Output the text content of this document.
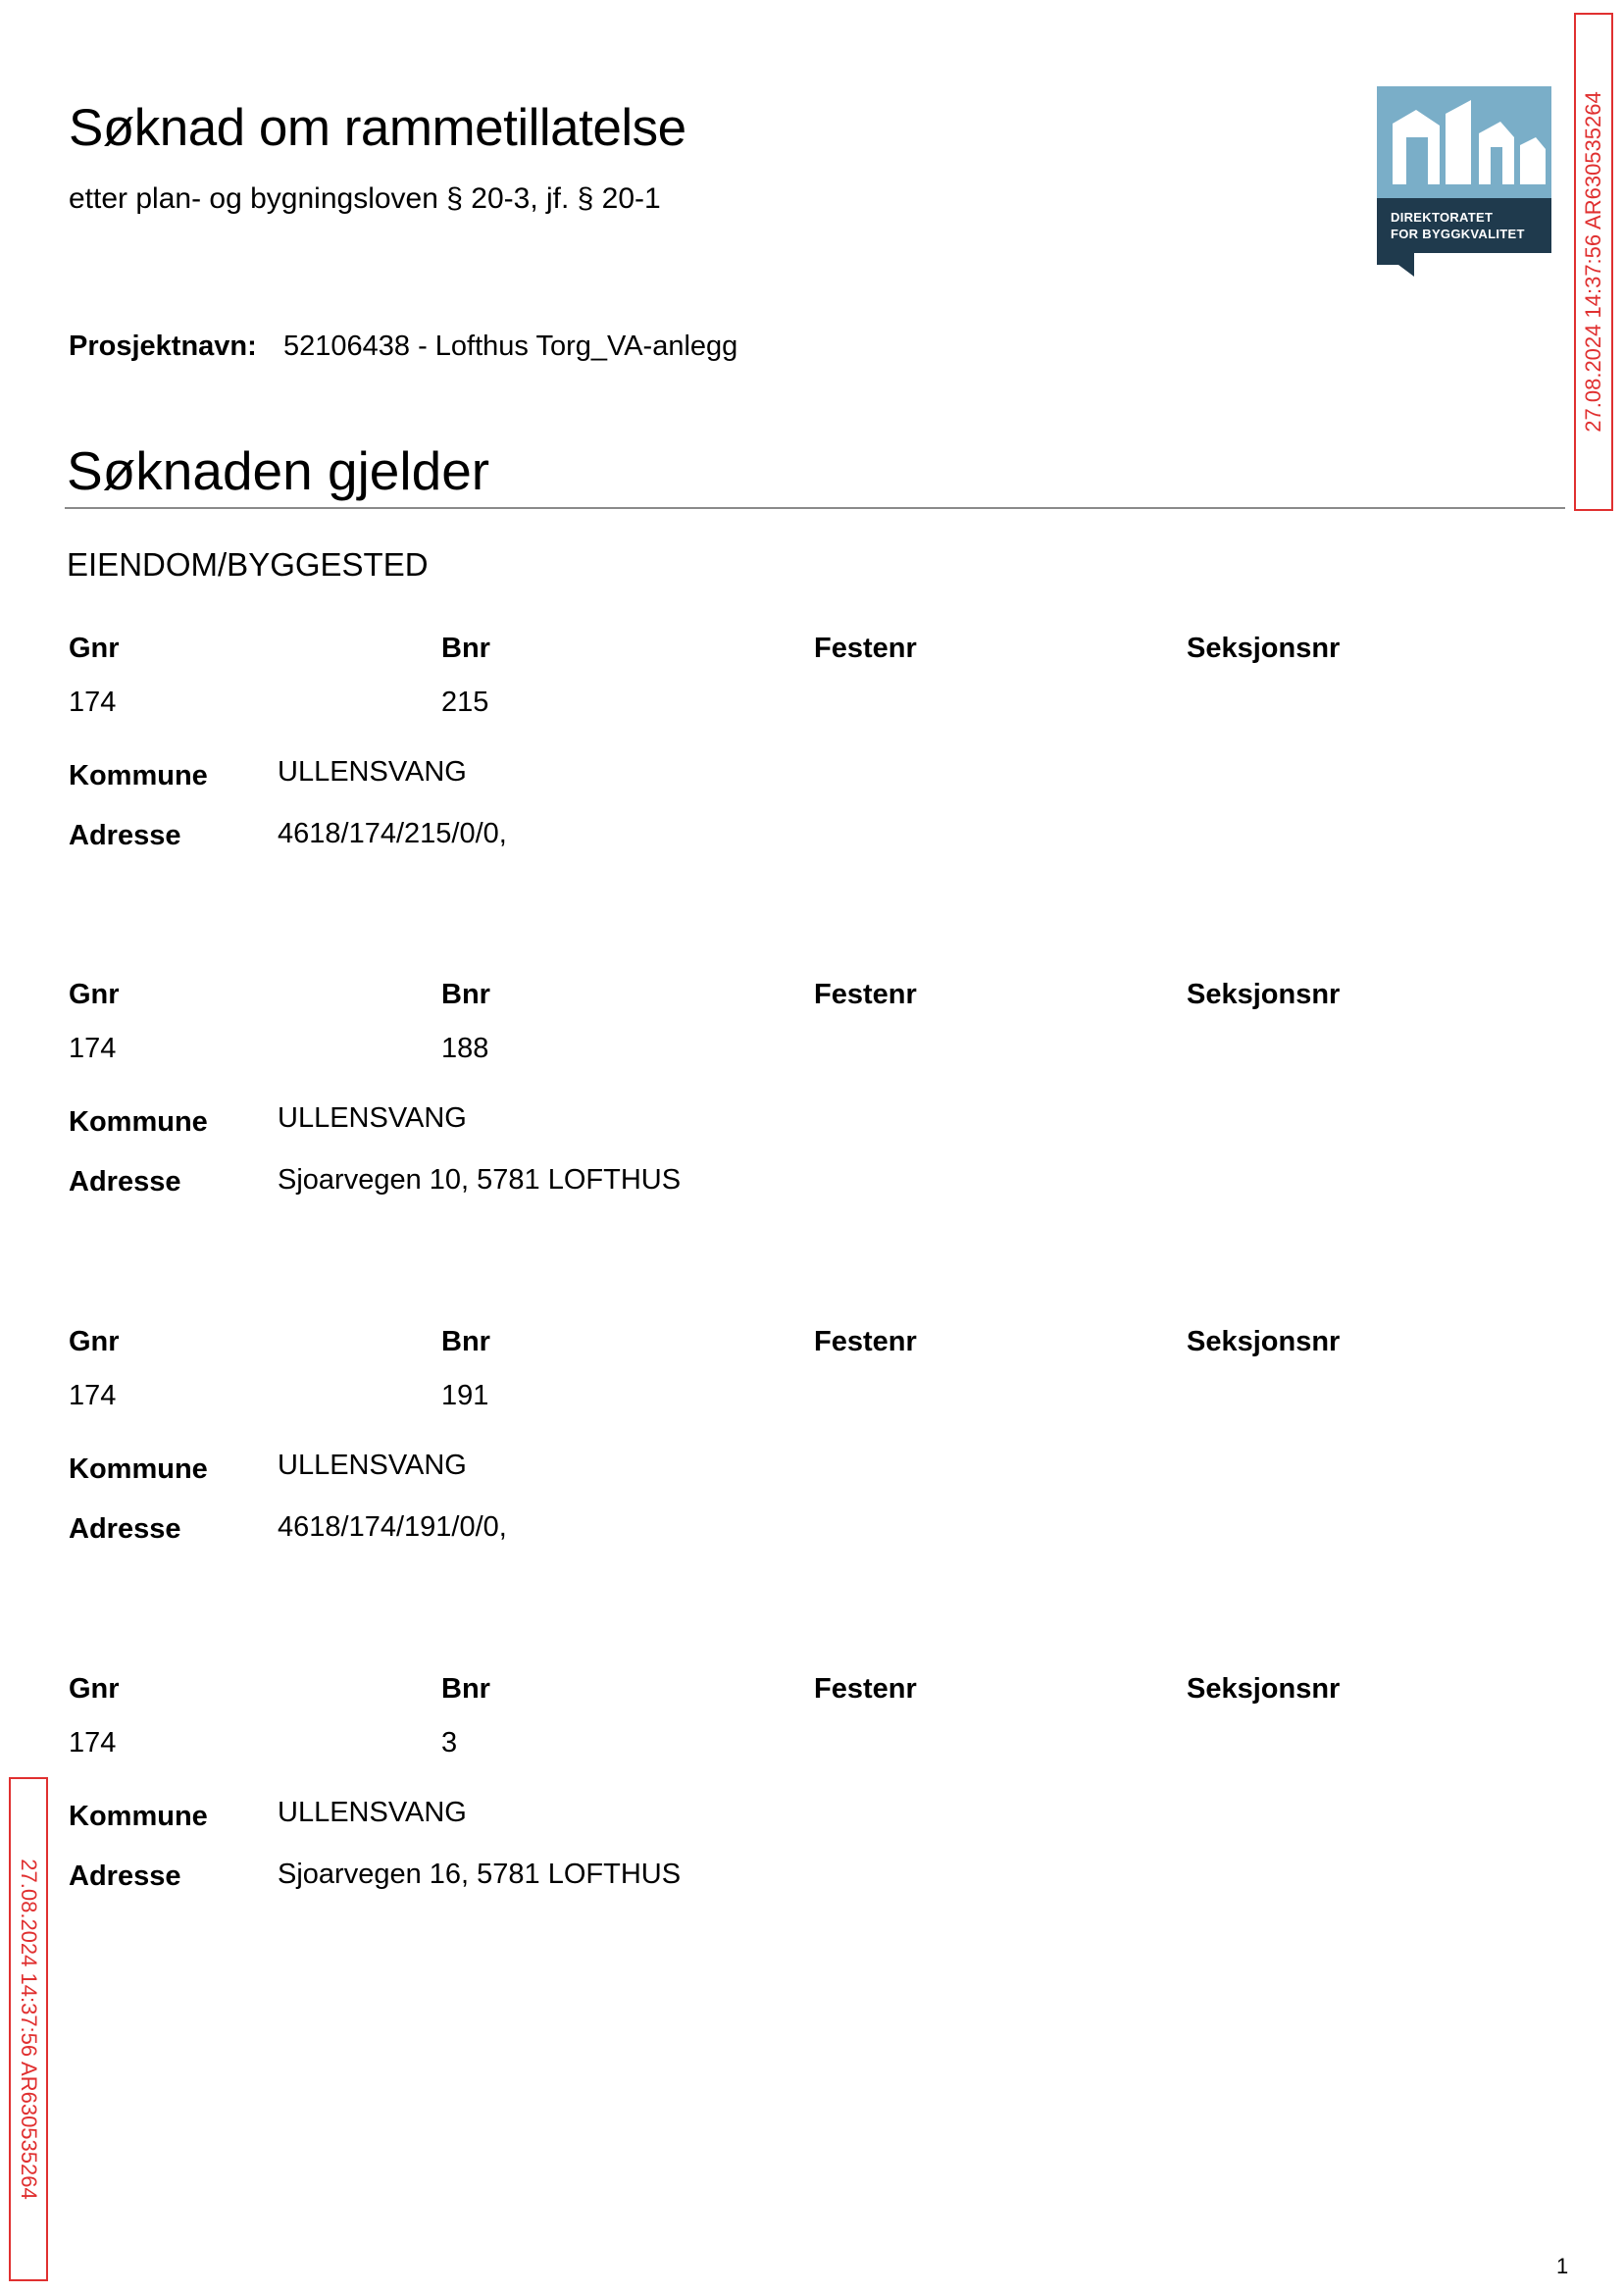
Søknad om rammetillatelse
etter plan- og bygningsloven § 20-3, jf. § 20-1
DIREKTORATET
FOR BYGGKVALITET
Prosjektnavn: 52106438 - Lofthus Torg_VA-anlegg
Søknaden gjelder
EIENDOM/BYGGESTED
Gnr	Bnr	Festenr	Seksjonsnr
174	215
Kommune ULLENSVANG
Adresse	4618/174/215/0/0,
Gnr	Bnr	Festenr	Seksjonsnr
174	188
Kommune ULLENSVANG
Adresse	Sjoarvegen 10, 5781 LOFTHUS
Gnr	Bnr	Festenr	Seksjonsnr
174	191
Kommune ULLENSVANG
Adresse	4618/174/191/0/0,
Gnr	Bnr	Festenr	Seksjonsnr
174	3
Kommune ULLENSVANG
Adresse	Sjoarvegen 16, 5781 LOFTHUS
27.08.2024 14:37:56 AR630535264
27.08.2024 14:37:56 AR630535264
1
